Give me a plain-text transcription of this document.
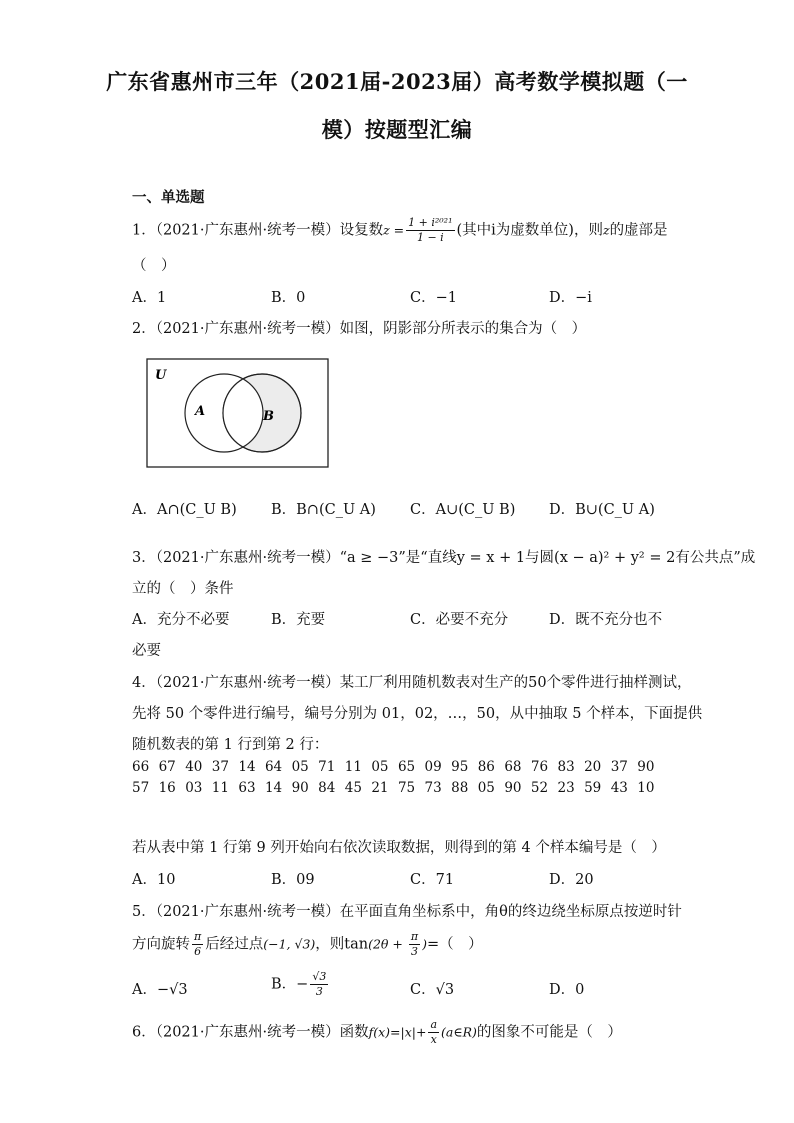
广东省惠州市三年（2021届-2023届）高考数学模拟题（一
模）按题型汇编
一、单选题
1．（2021·广东惠州·统考一模）设复数$z = \frac{\text{1 + i²⁰²¹}}{1 - i}$ (其中i为虚数单位)，则z的虚部是
（　）
A．1	B．0	C．−1	D．−i
2．（2021·广东惠州·统考一模）如图，阴影部分所表示的集合为（　）
U
A	B
A．A∩(C_U B) B．B∩(C_U A) C．A∪(C_U B) D．B∪(C_U A)
3．（2021·广东惠州·统考一模）“a ≥ −3”是“直线y = x + 1与圆(x − a)² + y² = 2有公共点”成
立的（　）条件
A．充分不必要	B．充要	C．必要不充分	D．既不充分也不
必要
4．（2021·广东惠州·统考一模）某工厂利用随机数表对生产的50个零件进行抽样测试，
先将 50 个零件进行编号，编号分别为 01，02，…，50，从中抽取 5 个样本，下面提供
随机数表的第 1 行到第 2 行：
66 67 40 37 14 64 05 71 11 05 65 09 95 86 68 76 83 20 37 90
57 16 03 11 63 14 90 84 45 21 75 73 88 05 90 52 23 59 43 10
若从表中第 1 行第 9 列开始向右依次读取数据，则得到的第 4 个样本编号是（　）
A．10	B．09	C．71	D．20
5．（2021·广东惠州·统考一模）在平面直角坐标系中，角θ的终边绕坐标原点按逆时针
方向旋转 $\frac{\pi}{6}$ 后经过点(−1, √3)，则$\tan(2\theta + \frac{\pi}{3}$ )=（　）
A．−√3	B．− $\frac{√3}{3}$	C．√3	D．0
6．（2021·广东惠州·统考一模）函数$f(x)=|x|+ \frac{a}{x}$ (a∈R)的图象不可能是（　）
